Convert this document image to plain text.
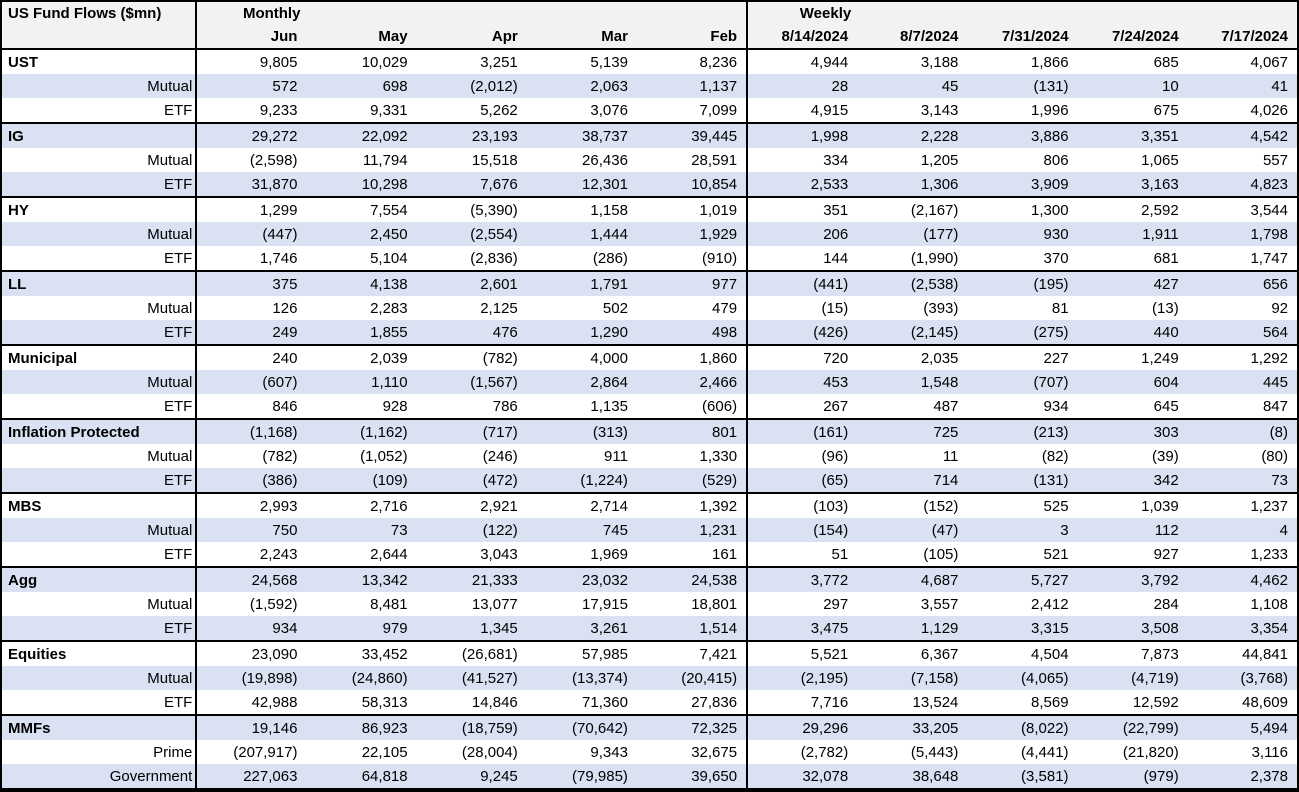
US Fund Flows ($mn)	Monthly					Weekly				
	Jun	May	Apr	Mar	Feb	8/14/2024	8/7/2024	7/31/2024	7/24/2024	7/17/2024
UST	9,805	10,029	3,251	5,139	8,236	4,944	3,188	1,866	685	4,067
Mutual	572	698	(2,012)	2,063	1,137	28	45	(131)	10	41
ETF	9,233	9,331	5,262	3,076	7,099	4,915	3,143	1,996	675	4,026
IG	29,272	22,092	23,193	38,737	39,445	1,998	2,228	3,886	3,351	4,542
Mutual	(2,598)	11,794	15,518	26,436	28,591	334	1,205	806	1,065	557
ETF	31,870	10,298	7,676	12,301	10,854	2,533	1,306	3,909	3,163	4,823
HY	1,299	7,554	(5,390)	1,158	1,019	351	(2,167)	1,300	2,592	3,544
Mutual	(447)	2,450	(2,554)	1,444	1,929	206	(177)	930	1,911	1,798
ETF	1,746	5,104	(2,836)	(286)	(910)	144	(1,990)	370	681	1,747
LL	375	4,138	2,601	1,791	977	(441)	(2,538)	(195)	427	656
Mutual	126	2,283	2,125	502	479	(15)	(393)	81	(13)	92
ETF	249	1,855	476	1,290	498	(426)	(2,145)	(275)	440	564
Municipal	240	2,039	(782)	4,000	1,860	720	2,035	227	1,249	1,292
Mutual	(607)	1,110	(1,567)	2,864	2,466	453	1,548	(707)	604	445
ETF	846	928	786	1,135	(606)	267	487	934	645	847
Inflation Protected	(1,168)	(1,162)	(717)	(313)	801	(161)	725	(213)	303	(8)
Mutual	(782)	(1,052)	(246)	911	1,330	(96)	11	(82)	(39)	(80)
ETF	(386)	(109)	(472)	(1,224)	(529)	(65)	714	(131)	342	73
MBS	2,993	2,716	2,921	2,714	1,392	(103)	(152)	525	1,039	1,237
Mutual	750	73	(122)	745	1,231	(154)	(47)	3	112	4
ETF	2,243	2,644	3,043	1,969	161	51	(105)	521	927	1,233
Agg	24,568	13,342	21,333	23,032	24,538	3,772	4,687	5,727	3,792	4,462
Mutual	(1,592)	8,481	13,077	17,915	18,801	297	3,557	2,412	284	1,108
ETF	934	979	1,345	3,261	1,514	3,475	1,129	3,315	3,508	3,354
Equities	23,090	33,452	(26,681)	57,985	7,421	5,521	6,367	4,504	7,873	44,841
Mutual	(19,898)	(24,860)	(41,527)	(13,374)	(20,415)	(2,195)	(7,158)	(4,065)	(4,719)	(3,768)
ETF	42,988	58,313	14,846	71,360	27,836	7,716	13,524	8,569	12,592	48,609
MMFs	19,146	86,923	(18,759)	(70,642)	72,325	29,296	33,205	(8,022)	(22,799)	5,494
Prime	(207,917)	22,105	(28,004)	9,343	32,675	(2,782)	(5,443)	(4,441)	(21,820)	3,116
Government	227,063	64,818	9,245	(79,985)	39,650	32,078	38,648	(3,581)	(979)	2,378
